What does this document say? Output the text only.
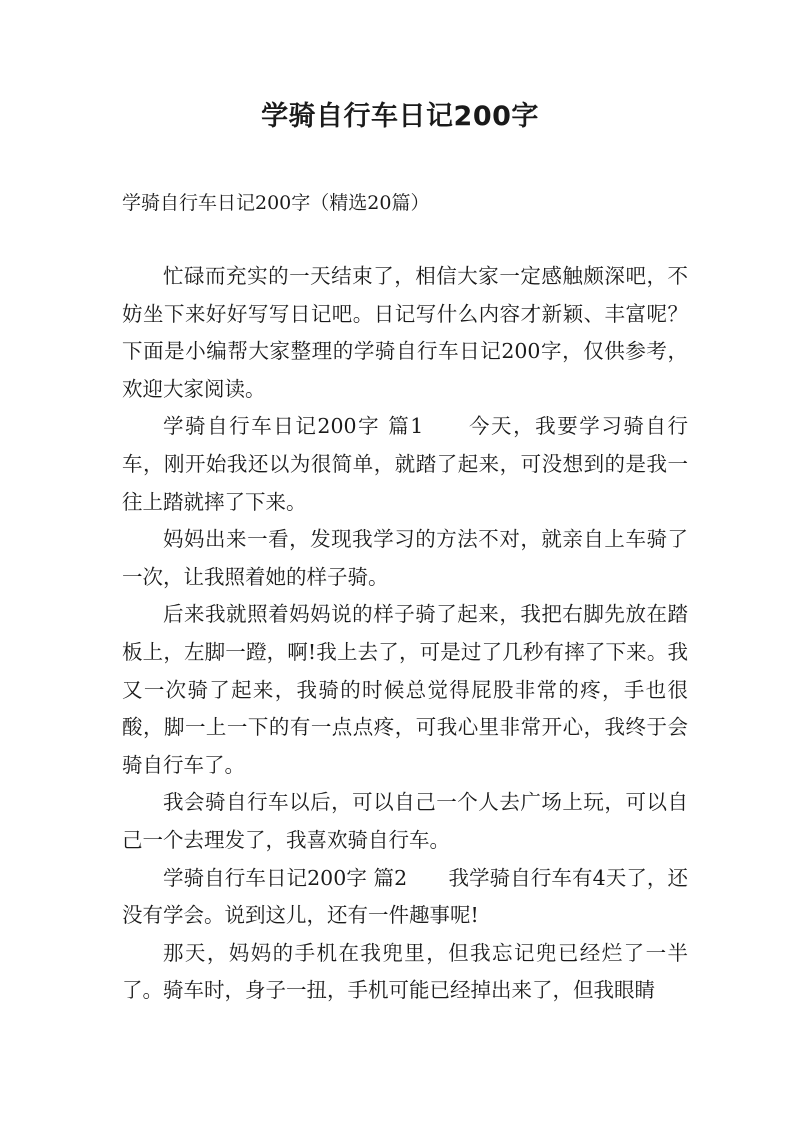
学骑自行车日记200字
学骑自行车日记200字（精选20篇）

忙碌而充实的一天结束了，相信大家一定感触颇深吧，不妨坐下来好好写写日记吧。日记写什么内容才新颖、丰富呢？下面是小编帮大家整理的学骑自行车日记200字，仅供参考，欢迎大家阅读。

学骑自行车日记200字 篇1　　今天，我要学习骑自行车，刚开始我还以为很简单，就踏了起来，可没想到的是我一往上踏就摔了下来。

妈妈出来一看，发现我学习的方法不对，就亲自上车骑了一次，让我照着她的样子骑。

后来我就照着妈妈说的样子骑了起来，我把右脚先放在踏板上，左脚一蹬，啊!我上去了，可是过了几秒有摔了下来。我又一次骑了起来，我骑的时候总觉得屁股非常的疼，手也很酸，脚一上一下的有一点点疼，可我心里非常开心，我终于会骑自行车了。

我会骑自行车以后，可以自己一个人去广场上玩，可以自己一个去理发了，我喜欢骑自行车。

学骑自行车日记200字 篇2　　我学骑自行车有4天了，还没有学会。说到这儿，还有一件趣事呢!

那天，妈妈的手机在我兜里，但我忘记兜已经烂了一半了。骑车时，身子一扭，手机可能已经掉出来了，但我眼睛
